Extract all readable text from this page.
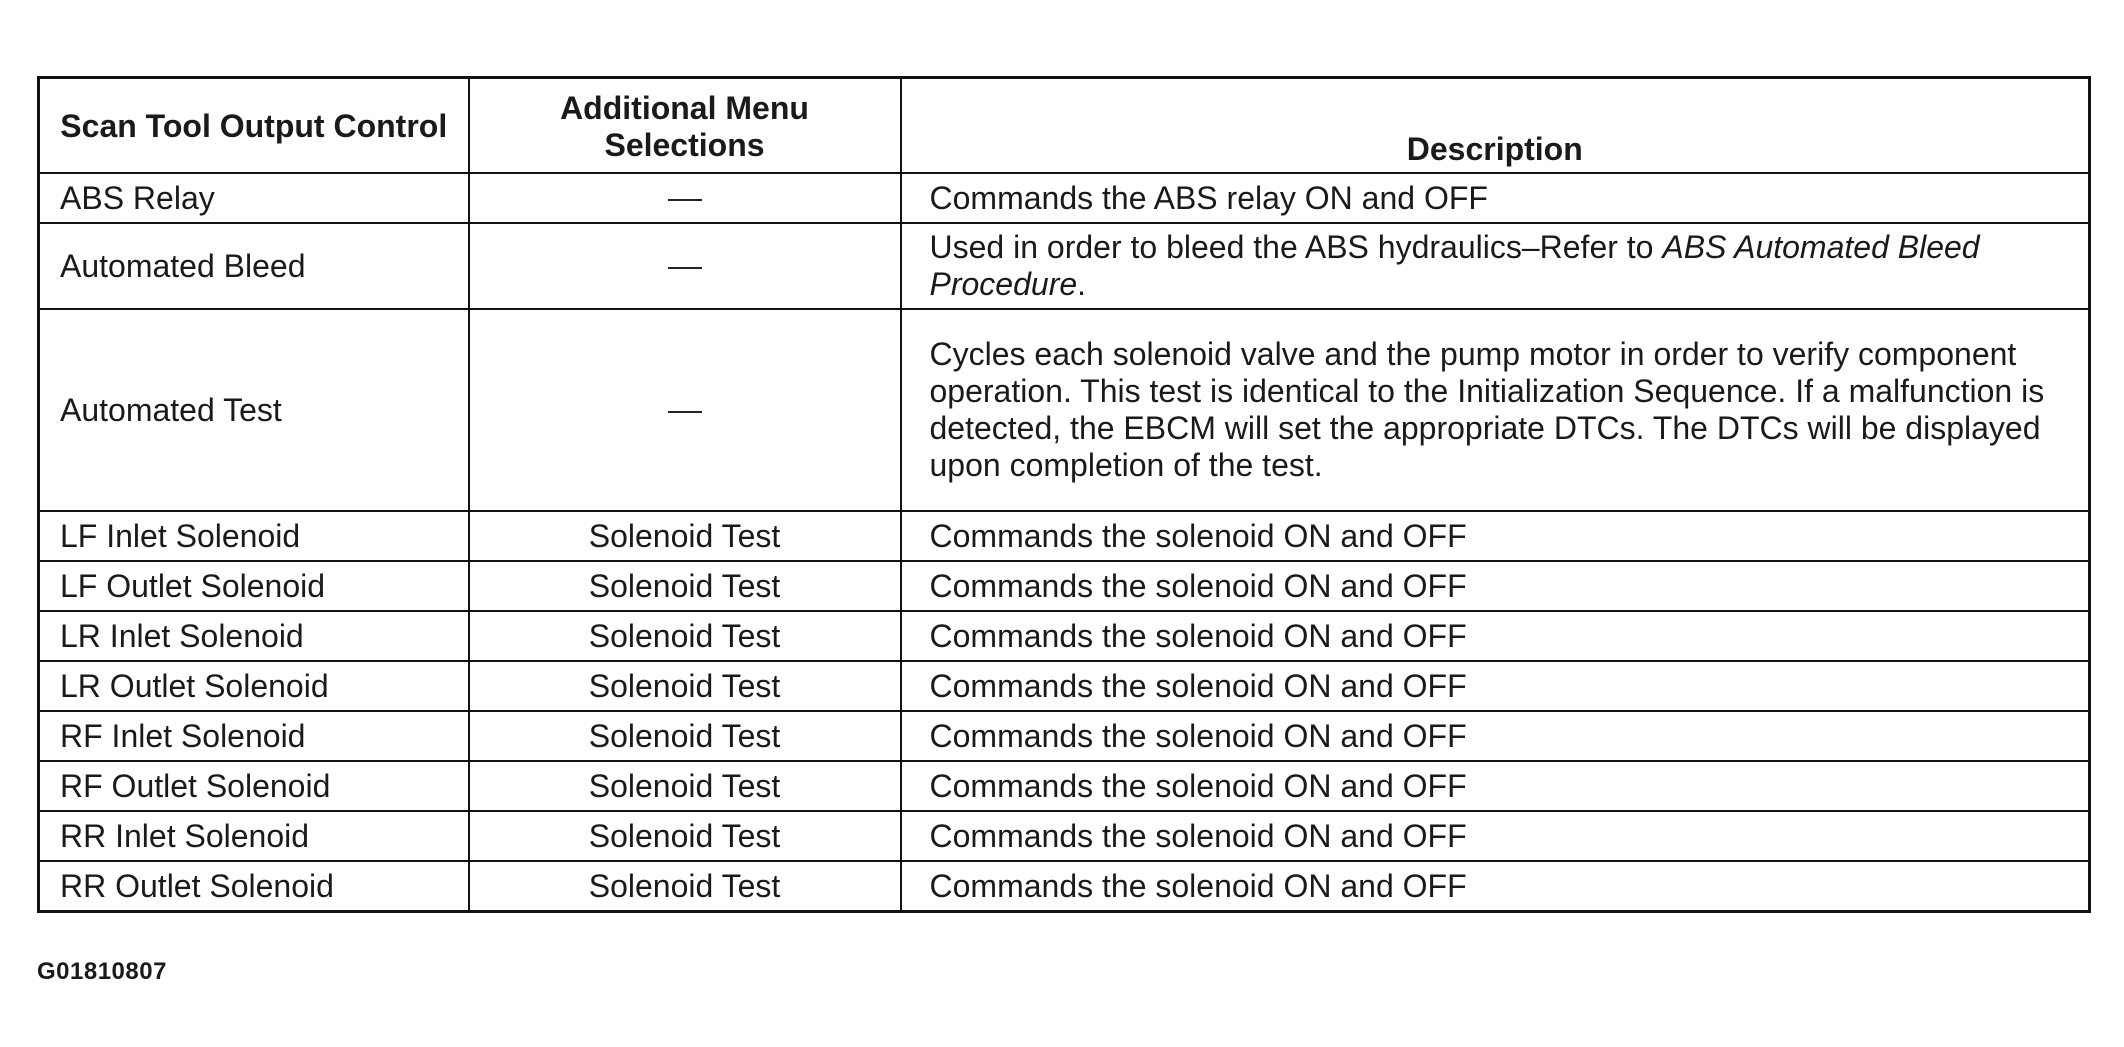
Scan Tool Output Control	Additional Menu Selections	Description
ABS Relay		Commands the ABS relay ON and OFF
Automated Bleed		Used in order to bleed the ABS hydraulics–Refer to ABS Automated Bleed Procedure.
Automated Test		Cycles each solenoid valve and the pump motor in order to verify component operation. This test is identical to the Initialization Sequence. If a malfunction is detected, the EBCM will set the appropriate DTCs. The DTCs will be displayed upon completion of the test.
LF Inlet Solenoid	Solenoid Test	Commands the solenoid ON and OFF
LF Outlet Solenoid	Solenoid Test	Commands the solenoid ON and OFF
LR Inlet Solenoid	Solenoid Test	Commands the solenoid ON and OFF
LR Outlet Solenoid	Solenoid Test	Commands the solenoid ON and OFF
RF Inlet Solenoid	Solenoid Test	Commands the solenoid ON and OFF
RF Outlet Solenoid	Solenoid Test	Commands the solenoid ON and OFF
RR Inlet Solenoid	Solenoid Test	Commands the solenoid ON and OFF
RR Outlet Solenoid	Solenoid Test	Commands the solenoid ON and OFF
G01810807
